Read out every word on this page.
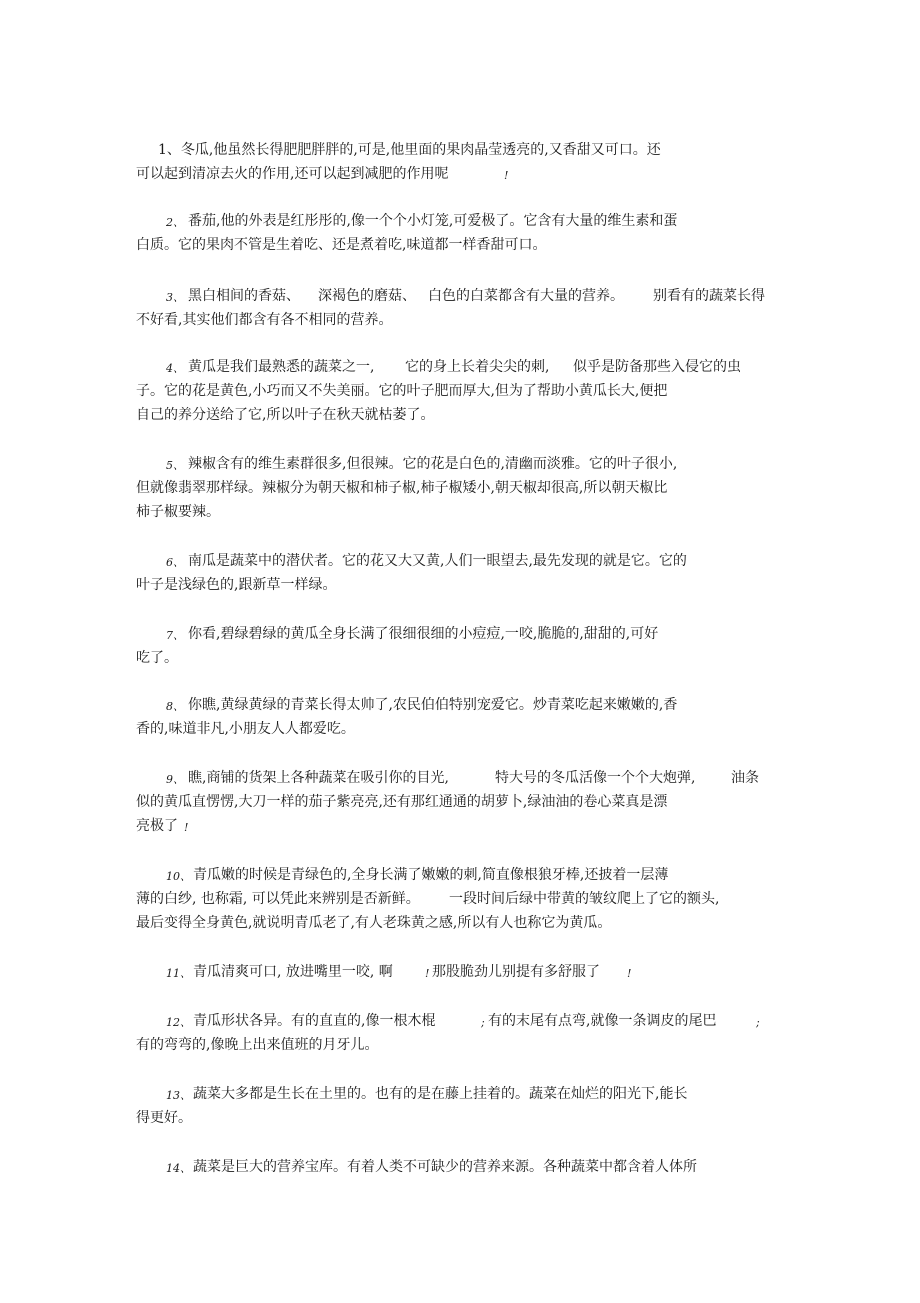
1、冬瓜,他虽然长得肥肥胖胖的,可是,他里面的果肉晶莹透亮的,又香甜又可口。还
可以起到清凉去火的作用,还可以起到减肥的作用呢	!
2、 番茄,他的外表是红彤彤的,像一个个小灯笼,可爱极了。它含有大量的维生素和蛋
白质。它的果肉不管是生着吃、还是煮着吃,味道都一样香甜可口。
3、 黑白相间的香菇、 深褐色的磨菇、 白色的白菜都含有大量的营养。 别看有的蔬菜长得
不好看,其实他们都含有各不相同的营养。
4、 黄瓜是我们最熟悉的蔬菜之一, 它的身上长着尖尖的刺, 似乎是防备那些入侵它的虫
子。它的花是黄色,小巧而又不失美丽。它的叶子肥而厚大,但为了帮助小黄瓜长大,便把
自己的养分送给了它,所以叶子在秋天就枯萎了。
5、 辣椒含有的维生素群很多,但很辣。它的花是白色的,清幽而淡雅。它的叶子很小,
但就像翡翠那样绿。辣椒分为朝天椒和柿子椒,柿子椒矮小,朝天椒却很高,所以朝天椒比
柿子椒要辣。
6、 南瓜是蔬菜中的潜伏者。它的花又大又黄,人们一眼望去,最先发现的就是它。它的
叶子是浅绿色的,跟新草一样绿。
7、 你看,碧绿碧绿的黄瓜全身长满了很细很细的小痘痘,一咬,脆脆的,甜甜的,可好
吃了。
8、 你瞧,黄绿黄绿的青菜长得太帅了,农民伯伯特别宠爱它。炒青菜吃起来嫩嫩的,香
香的,味道非凡,小朋友人人都爱吃。
9、 瞧,商铺的货架上各种蔬菜在吸引你的目光,	特大号的冬瓜活像一个个大炮弹,	油条
似的黄瓜直愣愣,大刀一样的茄子紫亮亮,还有那红通通的胡萝卜,绿油油的卷心菜真是漂
亮极了 !
10、 青瓜嫩的时候是青绿色的,全身长满了嫩嫩的刺,简直像根狼牙棒,还披着一层薄
薄的白纱, 也称霜, 可以凭此来辨别是否新鲜。 一段时间后绿中带黄的皱纹爬上了它的额头,
最后变得全身黄色,就说明青瓜老了,有人老珠黄之感,所以有人也称它为黄瓜。
11、 青瓜清爽可口, 放进嘴里一咬, 啊	! 那股脆劲儿别提有多舒服了 !
12、 青瓜形状各异。有的直直的,像一根木棍	; 有的末尾有点弯,就像一条调皮的尾巴	;
有的弯弯的,像晚上出来值班的月牙儿。
13、 蔬菜大多都是生长在土里的。也有的是在藤上挂着的。蔬菜在灿烂的阳光下,能长
得更好。
14、 蔬菜是巨大的营养宝库。有着人类不可缺少的营养来源。各种蔬菜中都含着人体所
